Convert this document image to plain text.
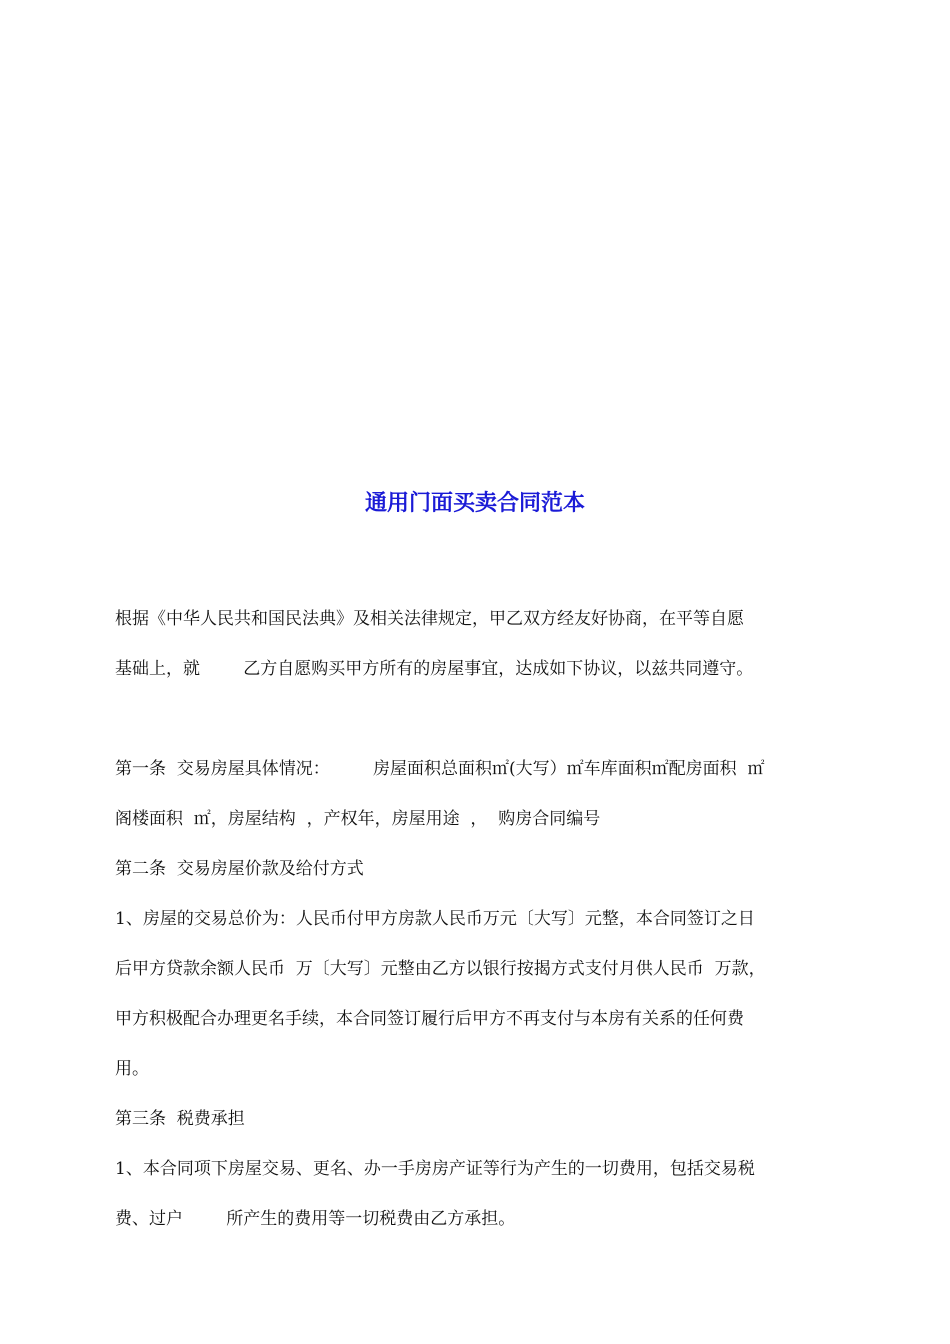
通用门面买卖合同范本

根据《中华人民共和国民法典》及相关法律规定，甲乙双方经友好协商，在平等自愿

基础上，就        乙方自愿购买甲方所有的房屋事宜，达成如下协议，以兹共同遵守。

第一条  交易房屋具体情况：        房屋面积总面积㎡(大写）㎡车库面积㎡配房面积  ㎡

阁楼面积  ㎡，房屋结构  ，产权年，房屋用途  ，  购房合同编号

第二条  交易房屋价款及给付方式

1、房屋的交易总价为：人民币付甲方房款人民币万元〔大写〕元整，本合同签订之日

后甲方贷款余额人民币  万〔大写〕元整由乙方以银行按揭方式支付月供人民币  万款，

甲方积极配合办理更名手续，本合同签订履行后甲方不再支付与本房有关系的任何费

用。

第三条  税费承担

1、本合同项下房屋交易、更名、办一手房房产证等行为产生的一切费用，包括交易税

费、过户        所产生的费用等一切税费由乙方承担。
